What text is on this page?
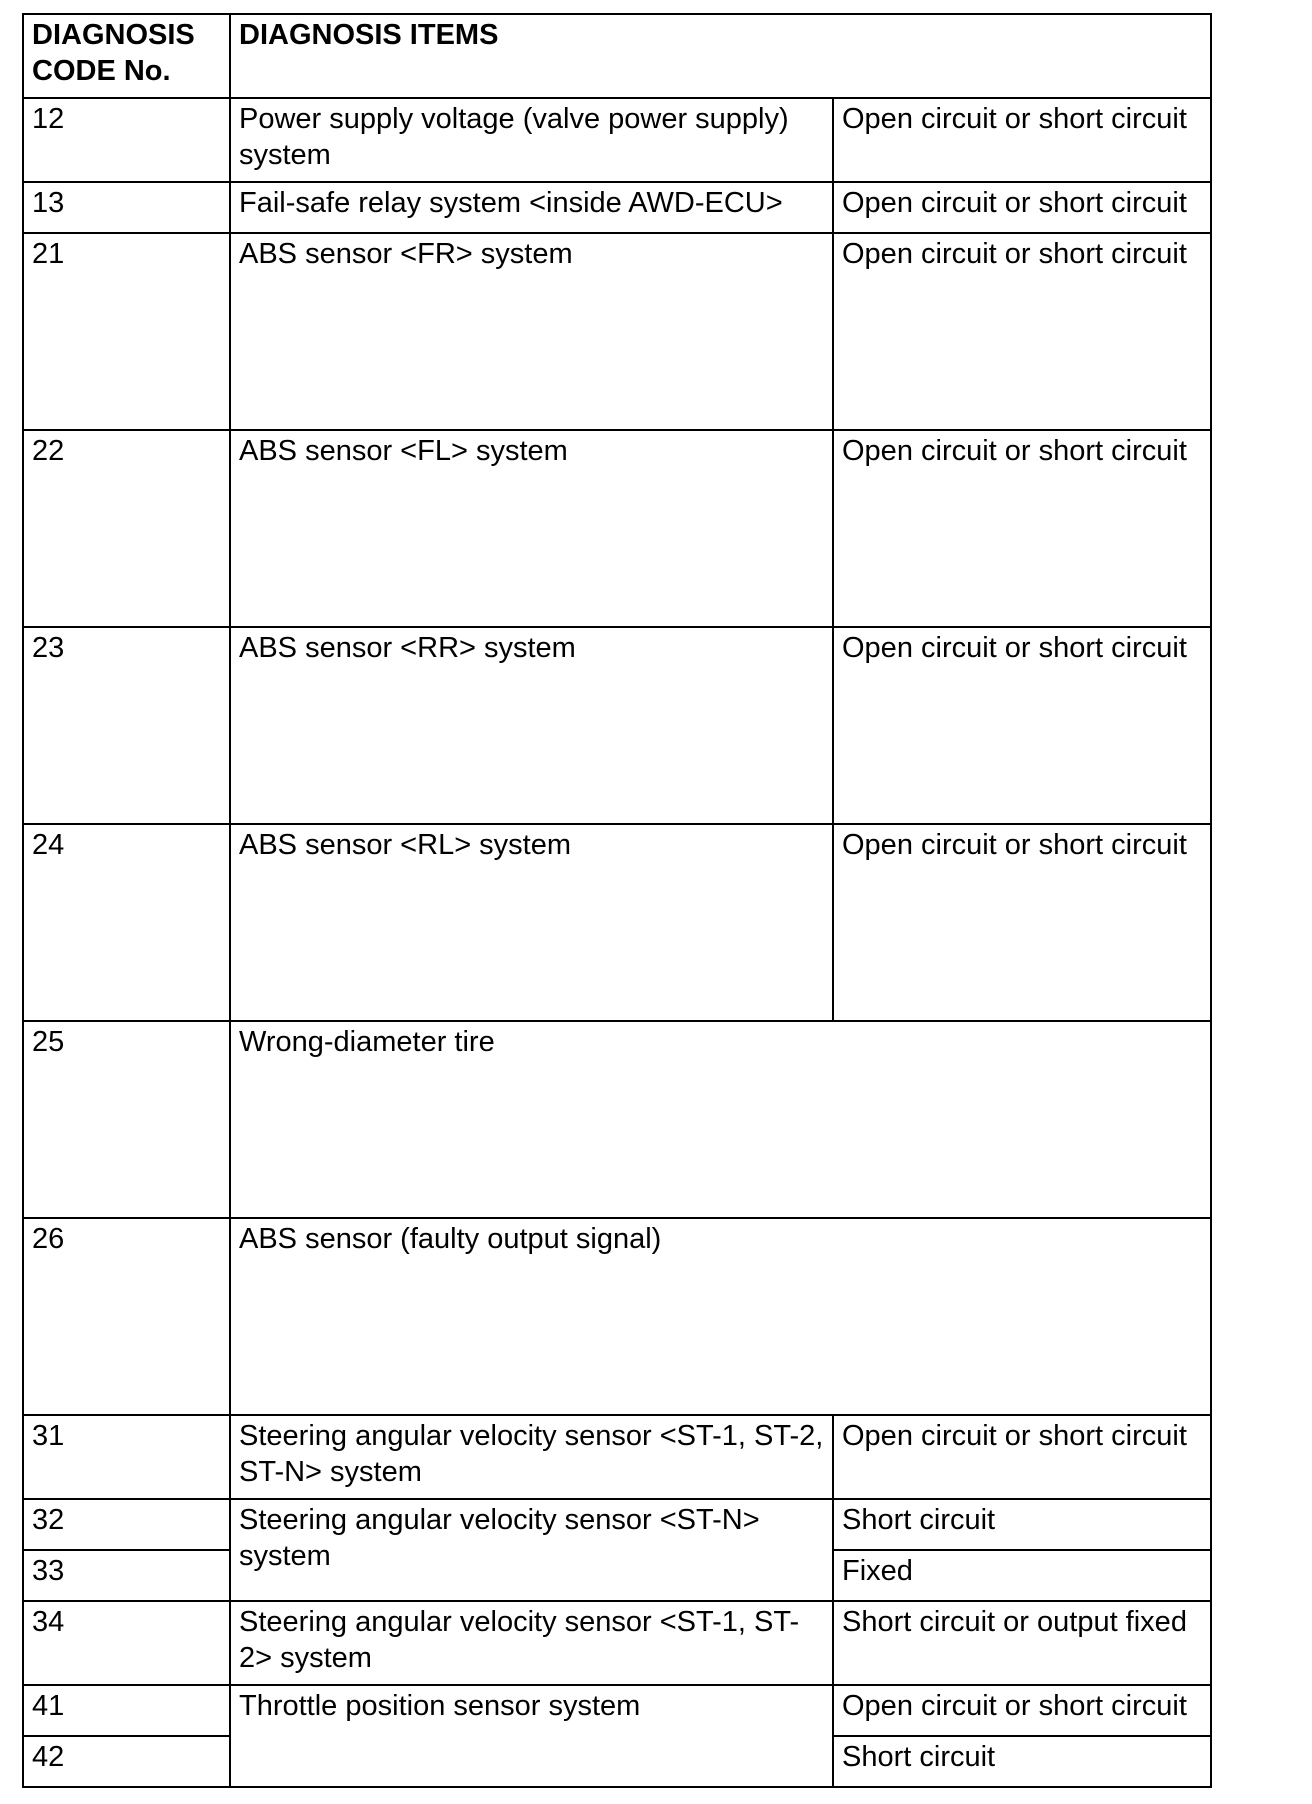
DIAGNOSIS CODE No.	DIAGNOSIS ITEMS	
12	Power supply voltage (valve power supply) system	Open circuit or short circuit
13	Fail-safe relay system <inside AWD-ECU>	Open circuit or short circuit
21	ABS sensor <FR> system	Open circuit or short circuit
22	ABS sensor <FL> system	Open circuit or short circuit
23	ABS sensor <RR> system	Open circuit or short circuit
24	ABS sensor <RL> system	Open circuit or short circuit
25	Wrong-diameter tire	
26	ABS sensor (faulty output signal)	
31	Steering angular velocity sensor <ST-1, ST-2, ST-N> system	Open circuit or short circuit
32	Steering angular velocity sensor <ST-N> system	Short circuit
33		Fixed
34	Steering angular velocity sensor <ST-1, ST-2> system	Short circuit or output fixed
41	Throttle position sensor system	Open circuit or short circuit
42		Short circuit
